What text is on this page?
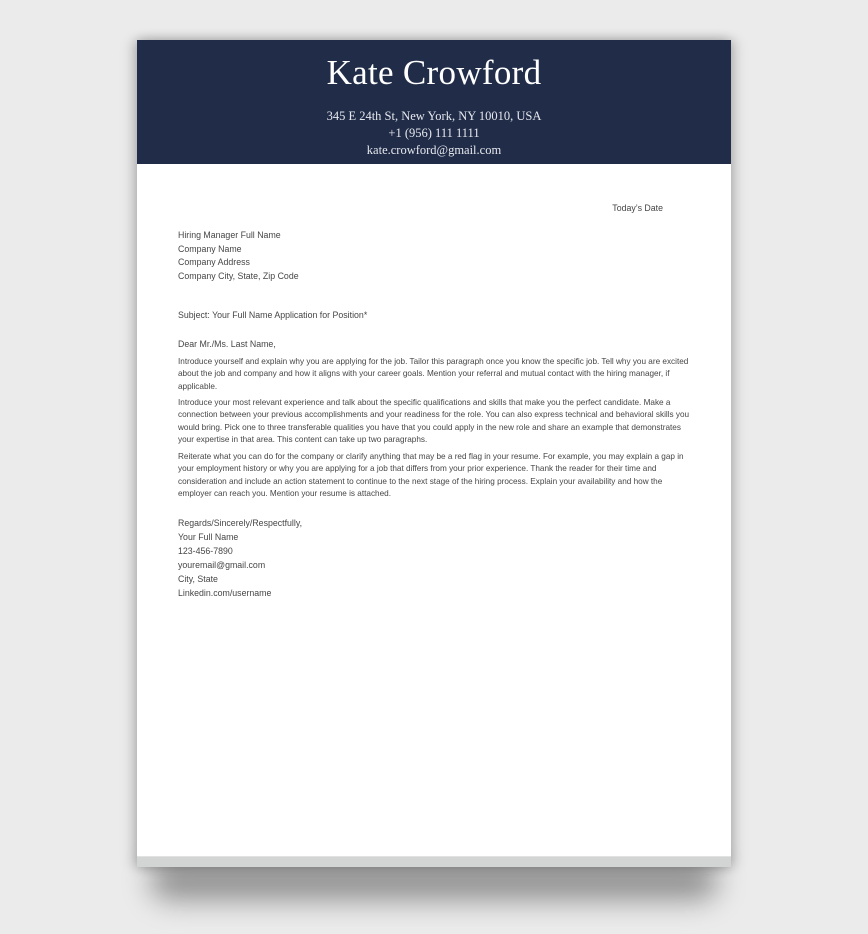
Kate Crowford
345 E 24th St, New York, NY 10010, USA
+1 (956) 111 1111
kate.crowford@gmail.com
Today’s Date
Hiring Manager Full Name
Company Name
Company Address
Company City, State, Zip Code
Subject: Your Full Name Application for Position*
Dear Mr./Ms. Last Name,

Introduce yourself and explain why you are applying for the job. Tailor this paragraph once you know the specific job. Tell why you are excited about the job and company and how it aligns with your career goals. Mention your referral and mutual contact with the hiring manager, if applicable.

Introduce your most relevant experience and talk about the specific qualifications and skills that make you the perfect candidate. Make a connection between your previous accomplishments and your readiness for the role. You can also express technical and behavioral skills you would bring. Pick one to three transferable qualities you have that you could apply in the new role and share an example that demonstrates your expertise in that area. This content can take up two paragraphs.

Reiterate what you can do for the company or clarify anything that may be a red flag in your resume. For example, you may explain a gap in your employment history or why you are applying for a job that differs from your prior experience. Thank the reader for their time and consideration and include an action statement to continue to the next stage of the hiring process. Explain your availability and how the employer can reach you. Mention your resume is attached.

Regards/Sincerely/Respectfully,
Your Full Name
123-456-7890
youremail@gmail.com
City, State
Linkedin.com/username
